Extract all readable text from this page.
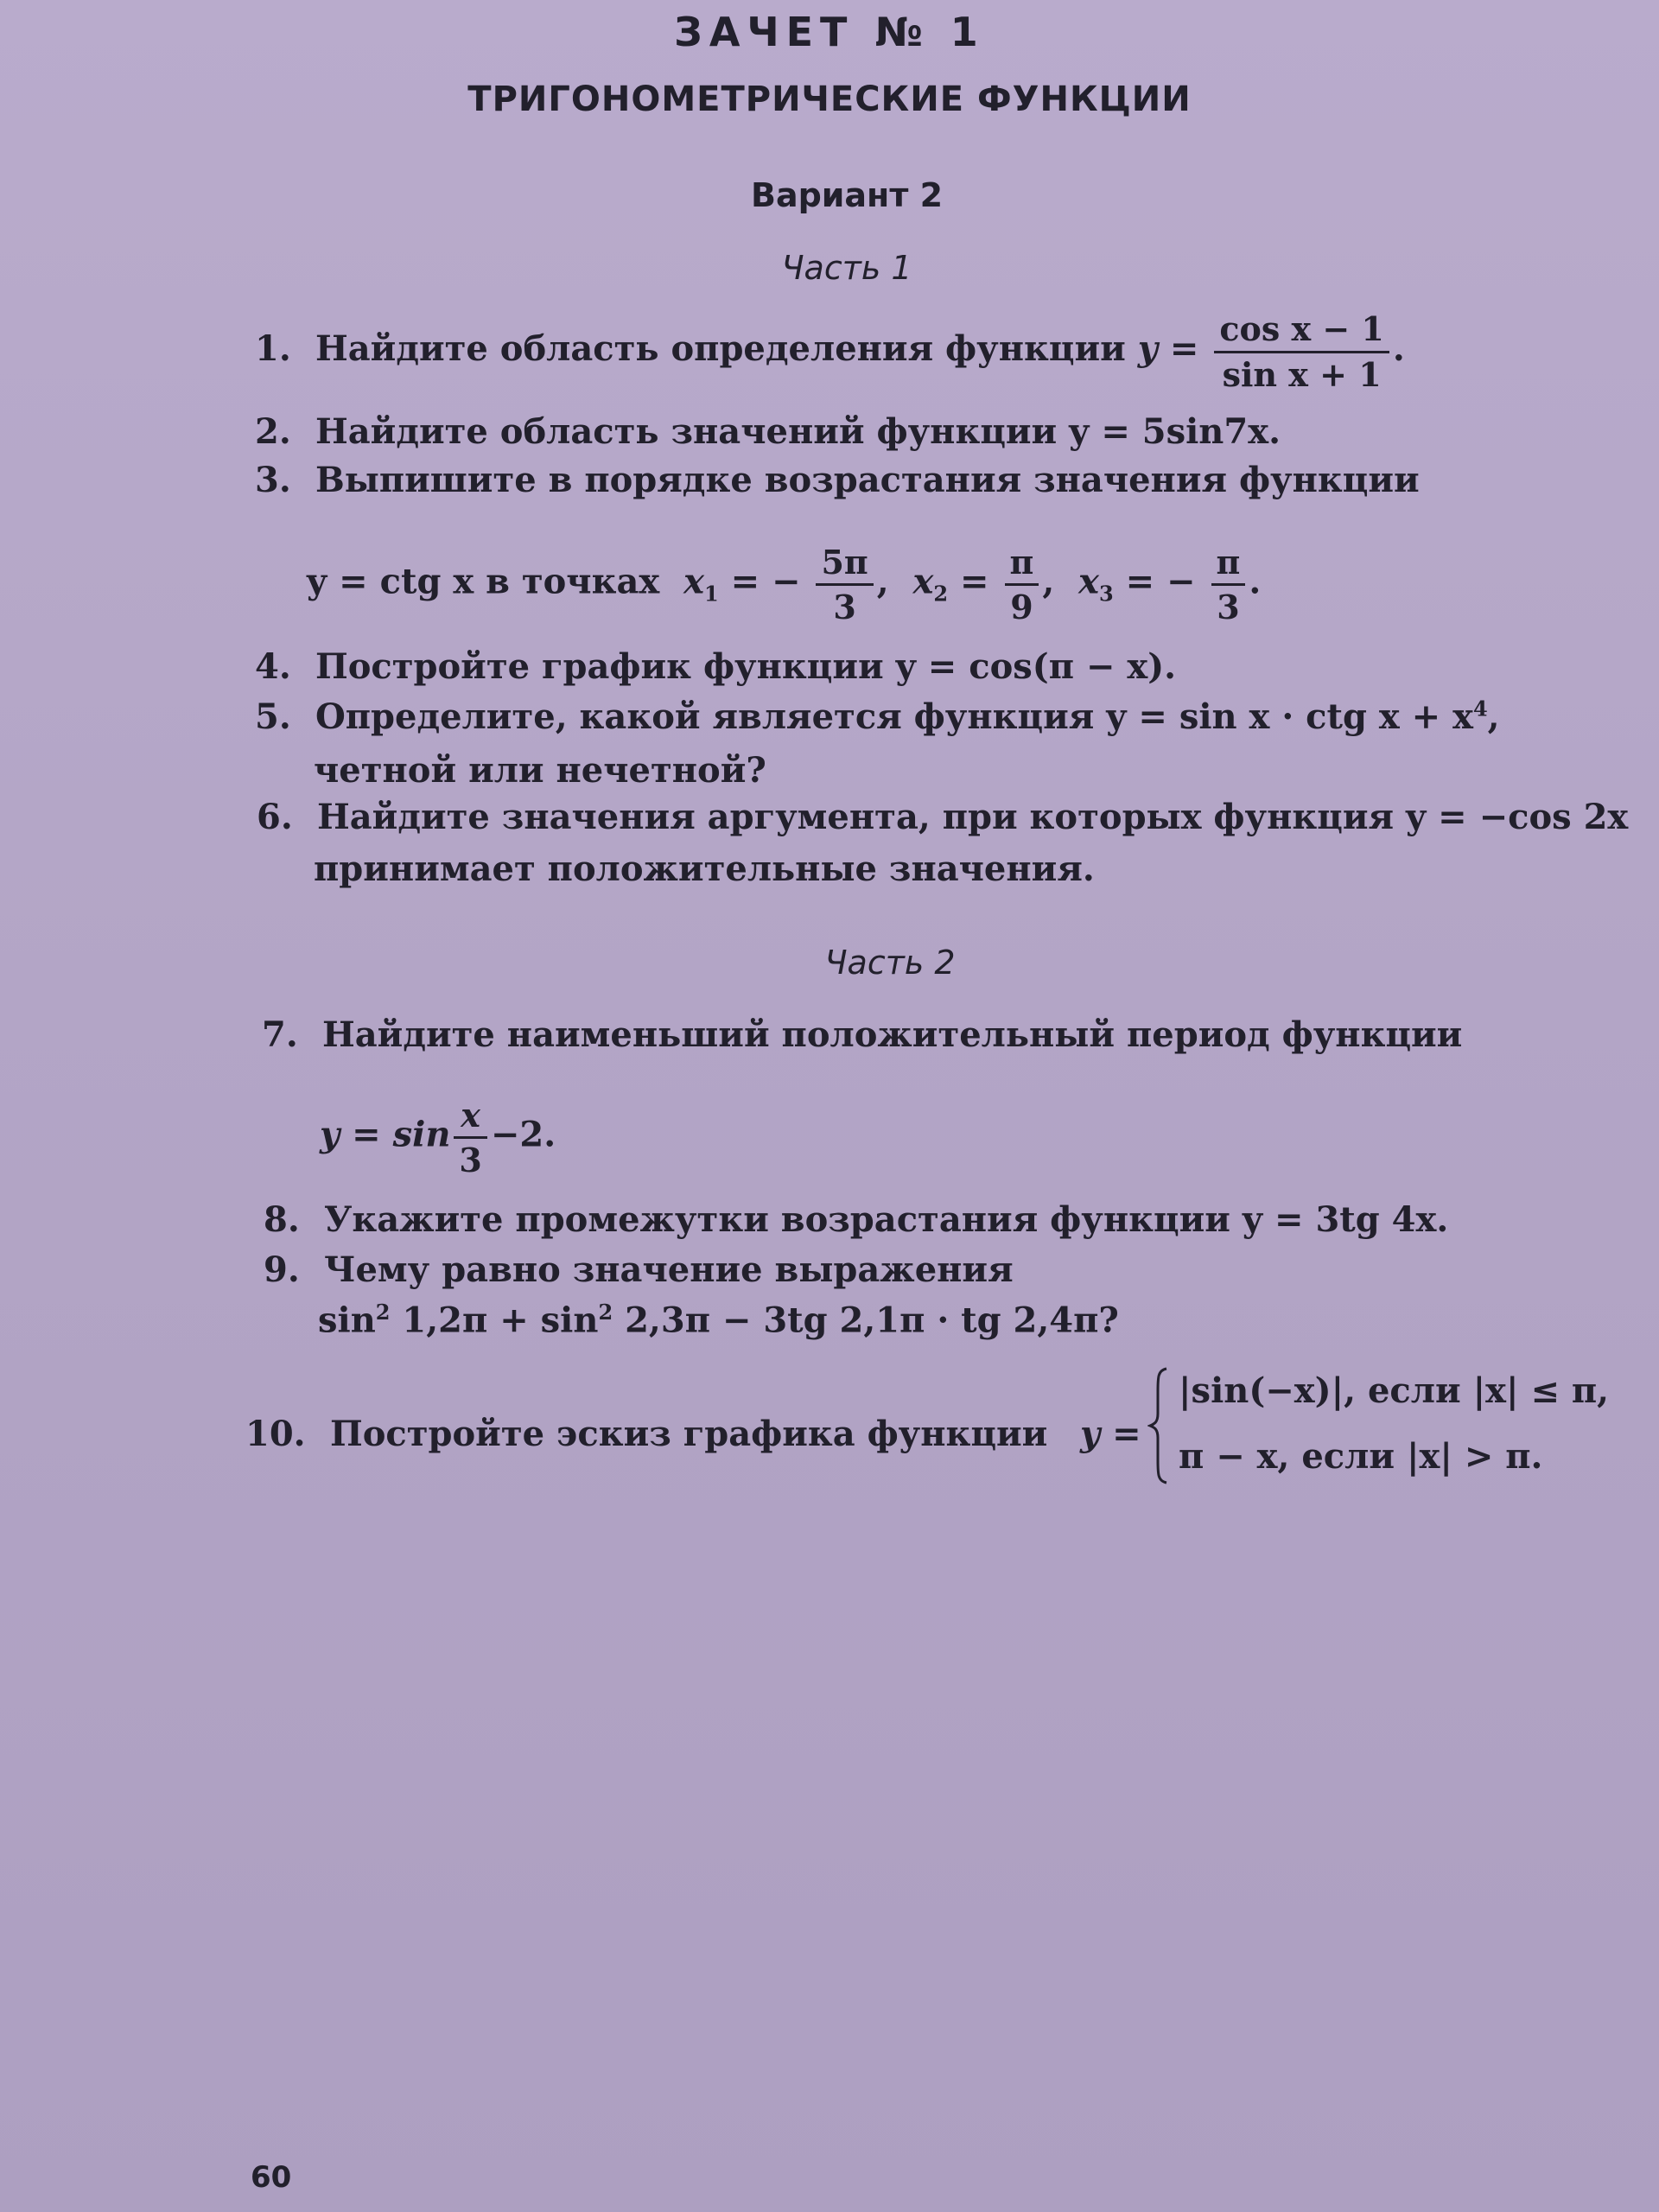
ЗАЧЕТ № 1
ТРИГОНОМЕТРИЧЕСКИЕ ФУНКЦИИ
Вариант 2
Часть 1
1. Найдите область определения функции $y = \frac{\text{cos x − 1}}{\text{sin x + 1}}$ .
2. Найдите область значений функции y = 5sin7x.
3. Выпишите в порядке возрастания значения функции
y = ctg x в точках $x_1$ = − $\frac{5\pi}{3}$ , $x_2 = \frac{\pi}{9}$ , $x_3$ = − $\frac{\pi}{3}$ .
4. Постройте график функции y = cos(π − x).
5. Определите, какой является функция y = sin x · ctg $x + x^4$,
четной или нечетной?
6. Найдите значения аргумента, при которых функция y = −cos 2x
принимает положительные значения.
Часть 2
7. Найдите наименьший положительный период функции
$y = \sin \frac{x}{3} -2$.
8. Укажите промежутки возрастания функции y = 3tg 4x.
9. Чему равно значение выражения
$\sin^2 1,2\pi + \sin^2 2,3\pi - 3tg$ 2,1π · tg 2,4π?
10. Постройте эскиз графика функции y =
|sin(−x)|, если |x| ≤ π,
π − x, если |x| > π.
60
